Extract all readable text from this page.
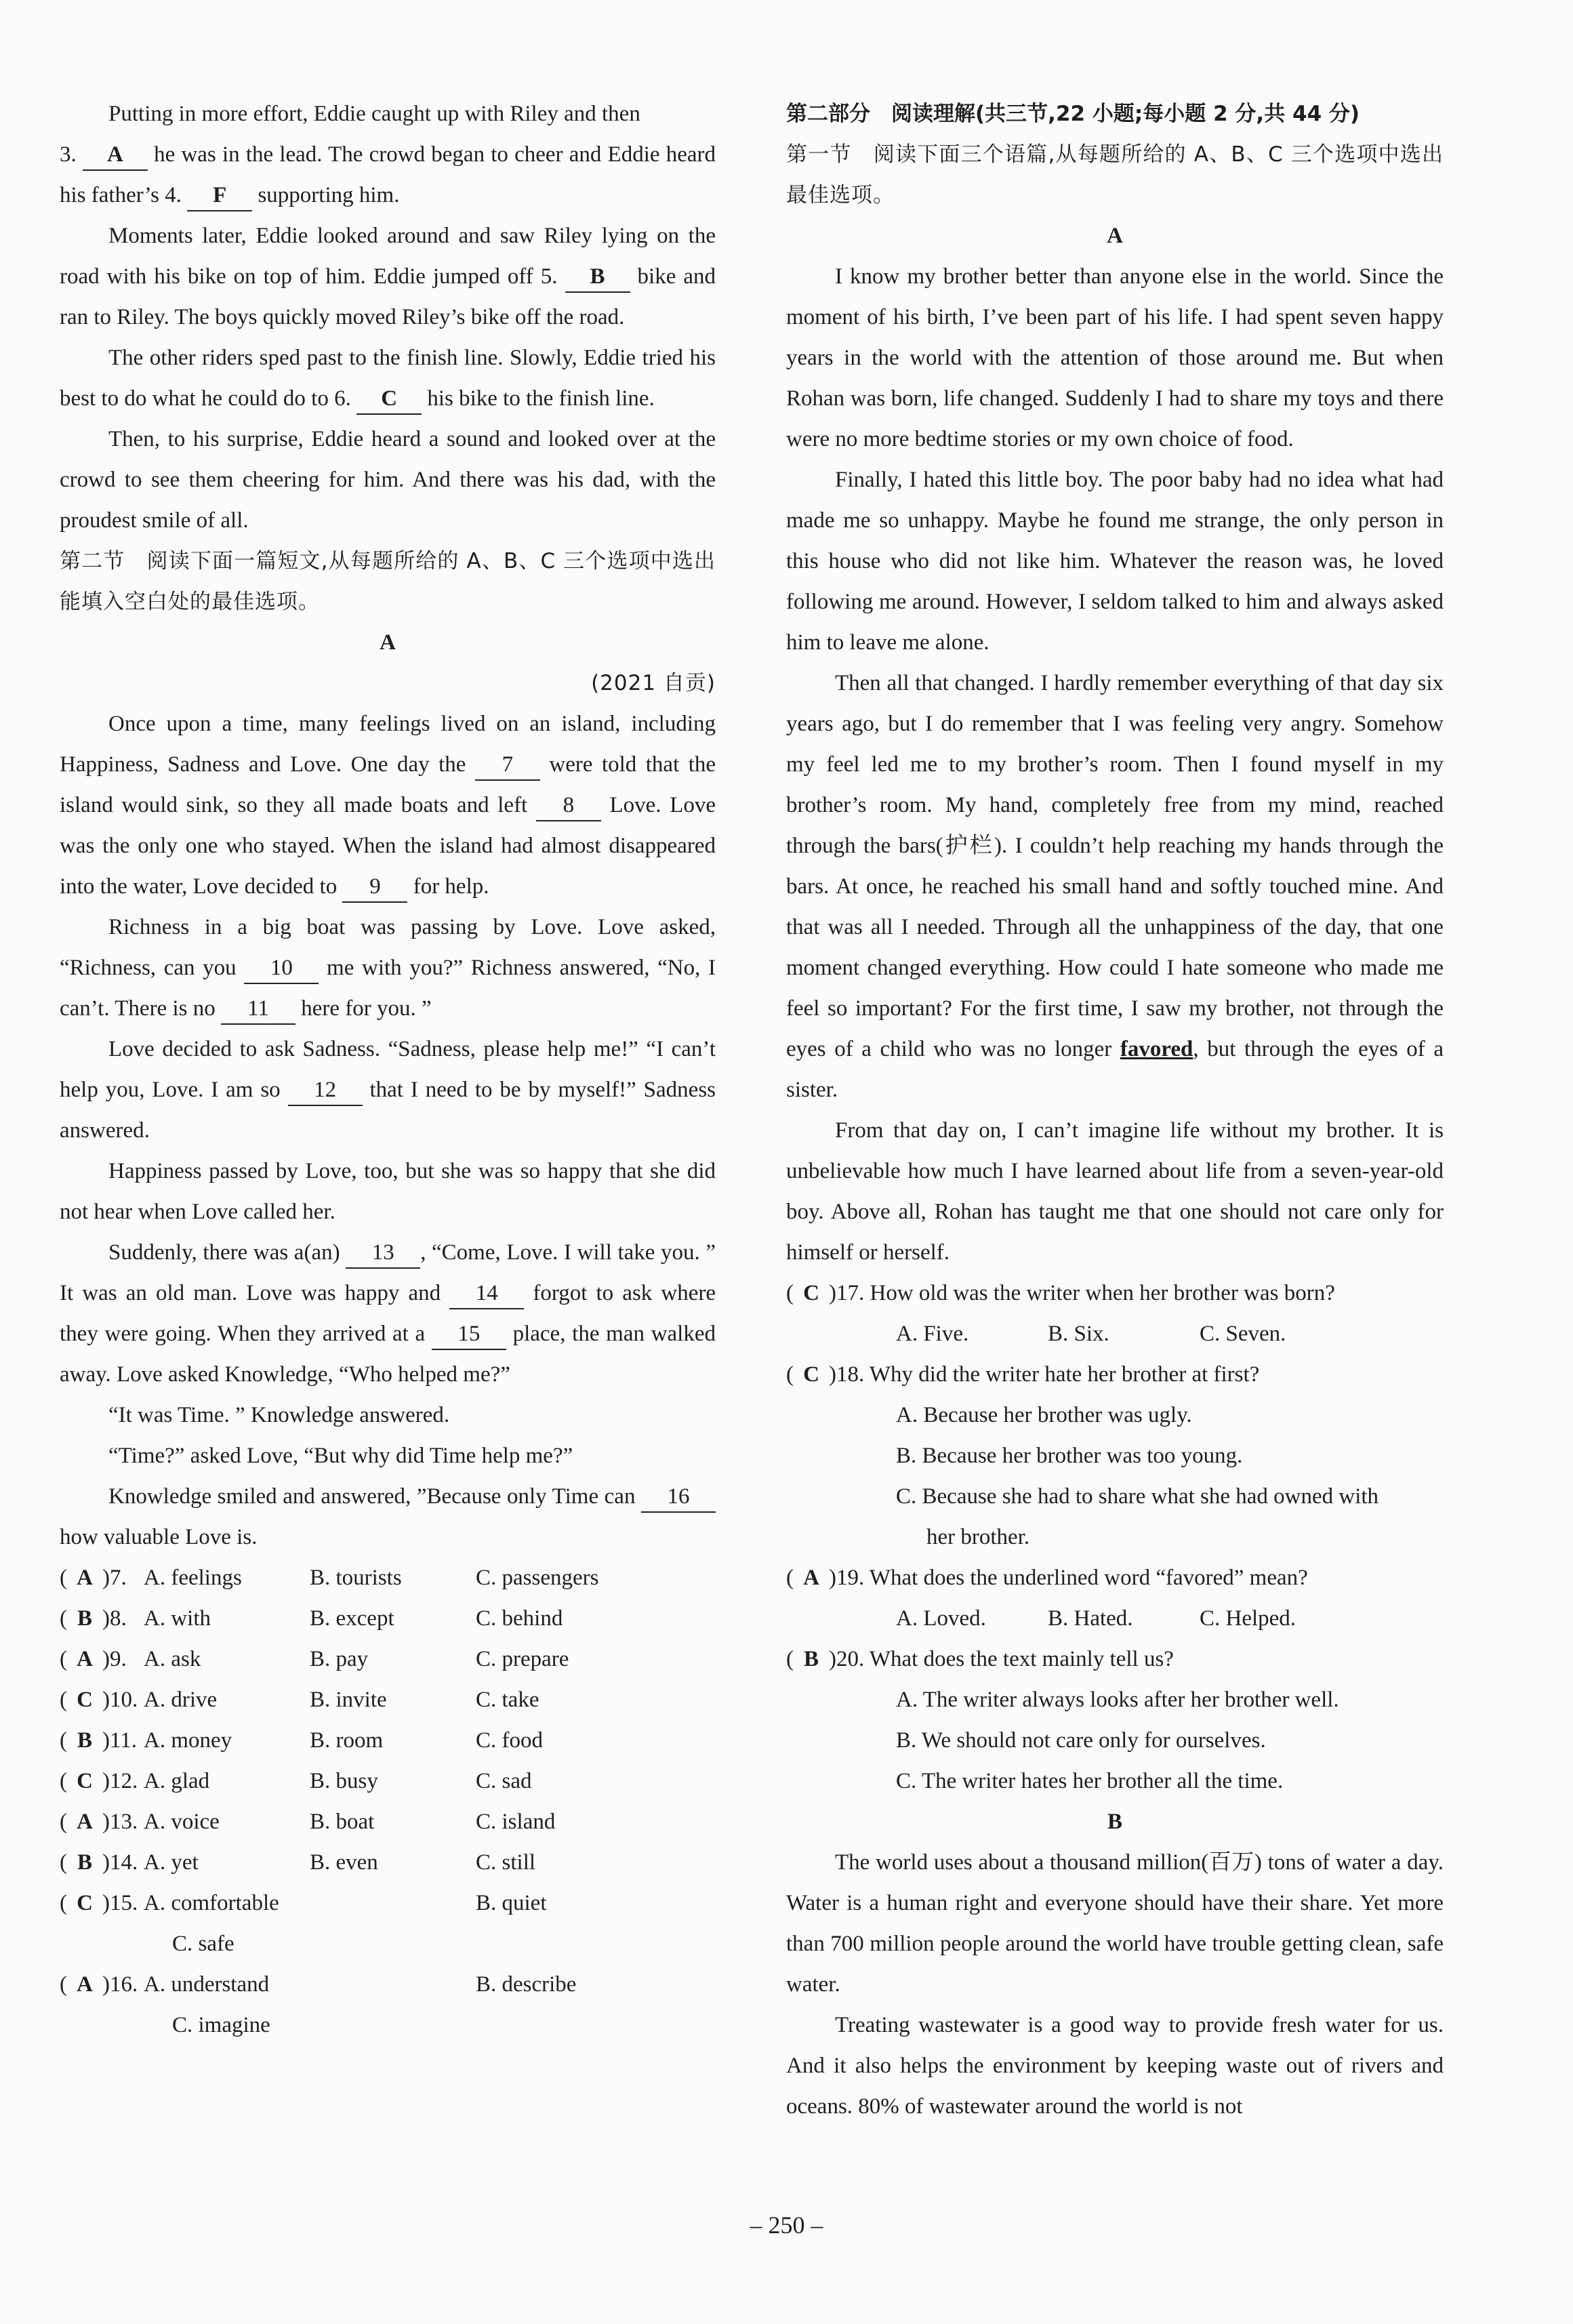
Putting in more effort, Eddie caught up with Riley and then
3. A he was in the lead. The crowd began to cheer and Eddie heard his father’s 4. F supporting him.

Moments later, Eddie looked around and saw Riley lying on the road with his bike on top of him. Eddie jumped off 5. B bike and ran to Riley. The boys quickly moved Riley’s bike off the road.

The other riders sped past to the finish line. Slowly, Eddie tried his best to do what he could do to 6. C his bike to the finish line.

Then, to his surprise, Eddie heard a sound and looked over at the crowd to see them cheering for him. And there was his dad, with the proudest smile of all.

第二节　阅读下面一篇短文,从每题所给的 A、B、C 三个选项中选出能填入空白处的最佳选项。

A

(2021 自贡)

Once upon a time, many feelings lived on an island, including Happiness, Sadness and Love. One day the 7 were told that the island would sink, so they all made boats and left 8 Love. Love was the only one who stayed. When the island had almost disappeared into the water, Love decided to 9 for help.

Richness in a big boat was passing by Love. Love asked, “Richness, can you 10 me with you?” Richness answered, “No, I can’t. There is no 11 here for you. ”

Love decided to ask Sadness. “Sadness, please help me!” “I can’t help you, Love. I am so 12 that I need to be by myself!” Sadness answered.

Happiness passed by Love, too, but she was so happy that she did not hear when Love called her.

Suddenly, there was a(an) 13 , “Come, Love. I will take you. ” It was an old man. Love was happy and 14 forgot to ask where they were going. When they arrived at a 15 place, the man walked away. Love asked Knowledge, “Who helped me?”

“It was Time. ” Knowledge answered.

“Time?” asked Love, “But why did Time help me?”

Knowledge smiled and answered, ”Because only Time can 16 how valuable Love is.

( A )7. A. feelings	B. tourists	C. passengers
( B )8. A. with	B. except	C. behind
( A )9. A. ask	B. pay	C. prepare
( C )10. A. drive	B. invite	C. take
( B )11. A. money	B. room	C. food
( C )12. A. glad	B. busy	C. sad
( A )13. A. voice	B. boat	C. island
( B )14. A. yet	B. even	C. still
( C )15. A. comfortable	B. quiet
C. safe
( A )16. A. understand	B. describe
C. imagine

第二部分　阅读理解(共三节,22 小题;每小题 2 分,共 44 分)

第一节　阅读下面三个语篇,从每题所给的 A、B、C 三个选项中选出最佳选项。

A

I know my brother better than anyone else in the world. Since the moment of his birth, I’ve been part of his life. I had spent seven happy years in the world with the attention of those around me. But when Rohan was born, life changed. Suddenly I had to share my toys and there were no more bedtime stories or my own choice of food.

Finally, I hated this little boy. The poor baby had no idea what had made me so unhappy. Maybe he found me strange, the only person in this house who did not like him. Whatever the reason was, he loved following me around. However, I seldom talked to him and always asked him to leave me alone.

Then all that changed. I hardly remember everything of that day six years ago, but I do remember that I was feeling very angry. Somehow my feel led me to my brother’s room. Then I found myself in my brother’s room. My hand, completely free from my mind, reached through the bars(护栏). I couldn’t help reaching my hands through the bars. At once, he reached his small hand and softly touched mine. And that was all I needed. Through all the unhappiness of the day, that one moment changed everything. How could I hate someone who made me feel so important? For the first time, I saw my brother, not through the eyes of a child who was no longer favored, but through the eyes of a sister.

From that day on, I can’t imagine life without my brother. It is unbelievable how much I have learned about life from a seven-year-old boy. Above all, Rohan has taught me that one should not care only for himself or herself.

( C )17. How old was the writer when her brother was born?
A. Five.	B. Six.	C. Seven.
( C )18. Why did the writer hate her brother at first?
A. Because her brother was ugly.
B. Because her brother was too young.
C. Because she had to share what she had owned with
her brother.
( A )19. What does the underlined word “favored” mean?
A. Loved.	B. Hated.	C. Helped.
( B )20. What does the text mainly tell us?
A. The writer always looks after her brother well.
B. We should not care only for ourselves.
C. The writer hates her brother all the time.

B

The world uses about a thousand million(百万) tons of water a day. Water is a human right and everyone should have their share. Yet more than 700 million people around the world have trouble getting clean, safe water.

Treating wastewater is a good way to provide fresh water for us. And it also helps the environment by keeping waste out of rivers and oceans. 80% of wastewater around the world is not

– 250 –
